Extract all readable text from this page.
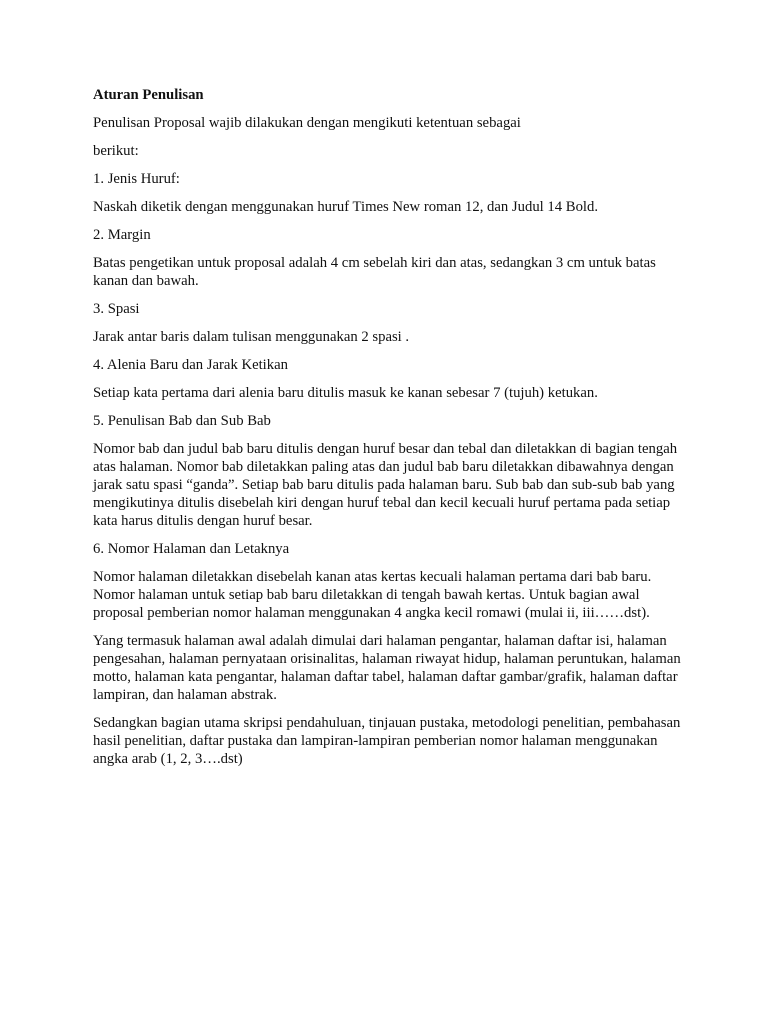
Aturan Penulisan

Penulisan Proposal wajib dilakukan dengan mengikuti ketentuan sebagai

berikut:

1. Jenis Huruf:

Naskah diketik dengan menggunakan huruf Times New roman 12, dan Judul 14 Bold.

2. Margin

Batas pengetikan untuk proposal adalah 4 cm sebelah kiri dan atas, sedangkan 3 cm untuk batas kanan dan bawah.

3. Spasi

Jarak antar baris dalam tulisan menggunakan 2 spasi .

4. Alenia Baru dan Jarak Ketikan

Setiap kata pertama dari alenia baru ditulis masuk ke kanan sebesar 7 (tujuh) ketukan.

5. Penulisan Bab dan Sub Bab

Nomor bab dan judul bab baru ditulis dengan huruf besar dan tebal dan diletakkan di bagian tengah atas halaman. Nomor bab diletakkan paling atas dan judul bab baru diletakkan dibawahnya dengan jarak satu spasi “ganda”. Setiap bab baru ditulis pada halaman baru. Sub bab dan sub-sub bab yang mengikutinya ditulis disebelah kiri dengan huruf tebal dan kecil kecuali huruf pertama pada setiap kata harus ditulis dengan huruf besar.

6. Nomor Halaman dan Letaknya

Nomor halaman diletakkan disebelah kanan atas kertas kecuali halaman pertama dari bab baru. Nomor halaman untuk setiap bab baru diletakkan di tengah bawah kertas. Untuk bagian awal proposal pemberian nomor halaman menggunakan 4 angka kecil romawi (mulai ii, iii……dst).

Yang termasuk halaman awal adalah dimulai dari halaman pengantar, halaman daftar isi, halaman pengesahan, halaman pernyataan orisinalitas, halaman riwayat hidup, halaman peruntukan, halaman motto, halaman kata pengantar, halaman daftar tabel, halaman daftar gambar/grafik, halaman daftar lampiran, dan halaman abstrak.

Sedangkan bagian utama skripsi pendahuluan, tinjauan pustaka, metodologi penelitian, pembahasan hasil penelitian, daftar pustaka dan lampiran-lampiran pemberian nomor halaman menggunakan angka arab (1, 2, 3….dst)
